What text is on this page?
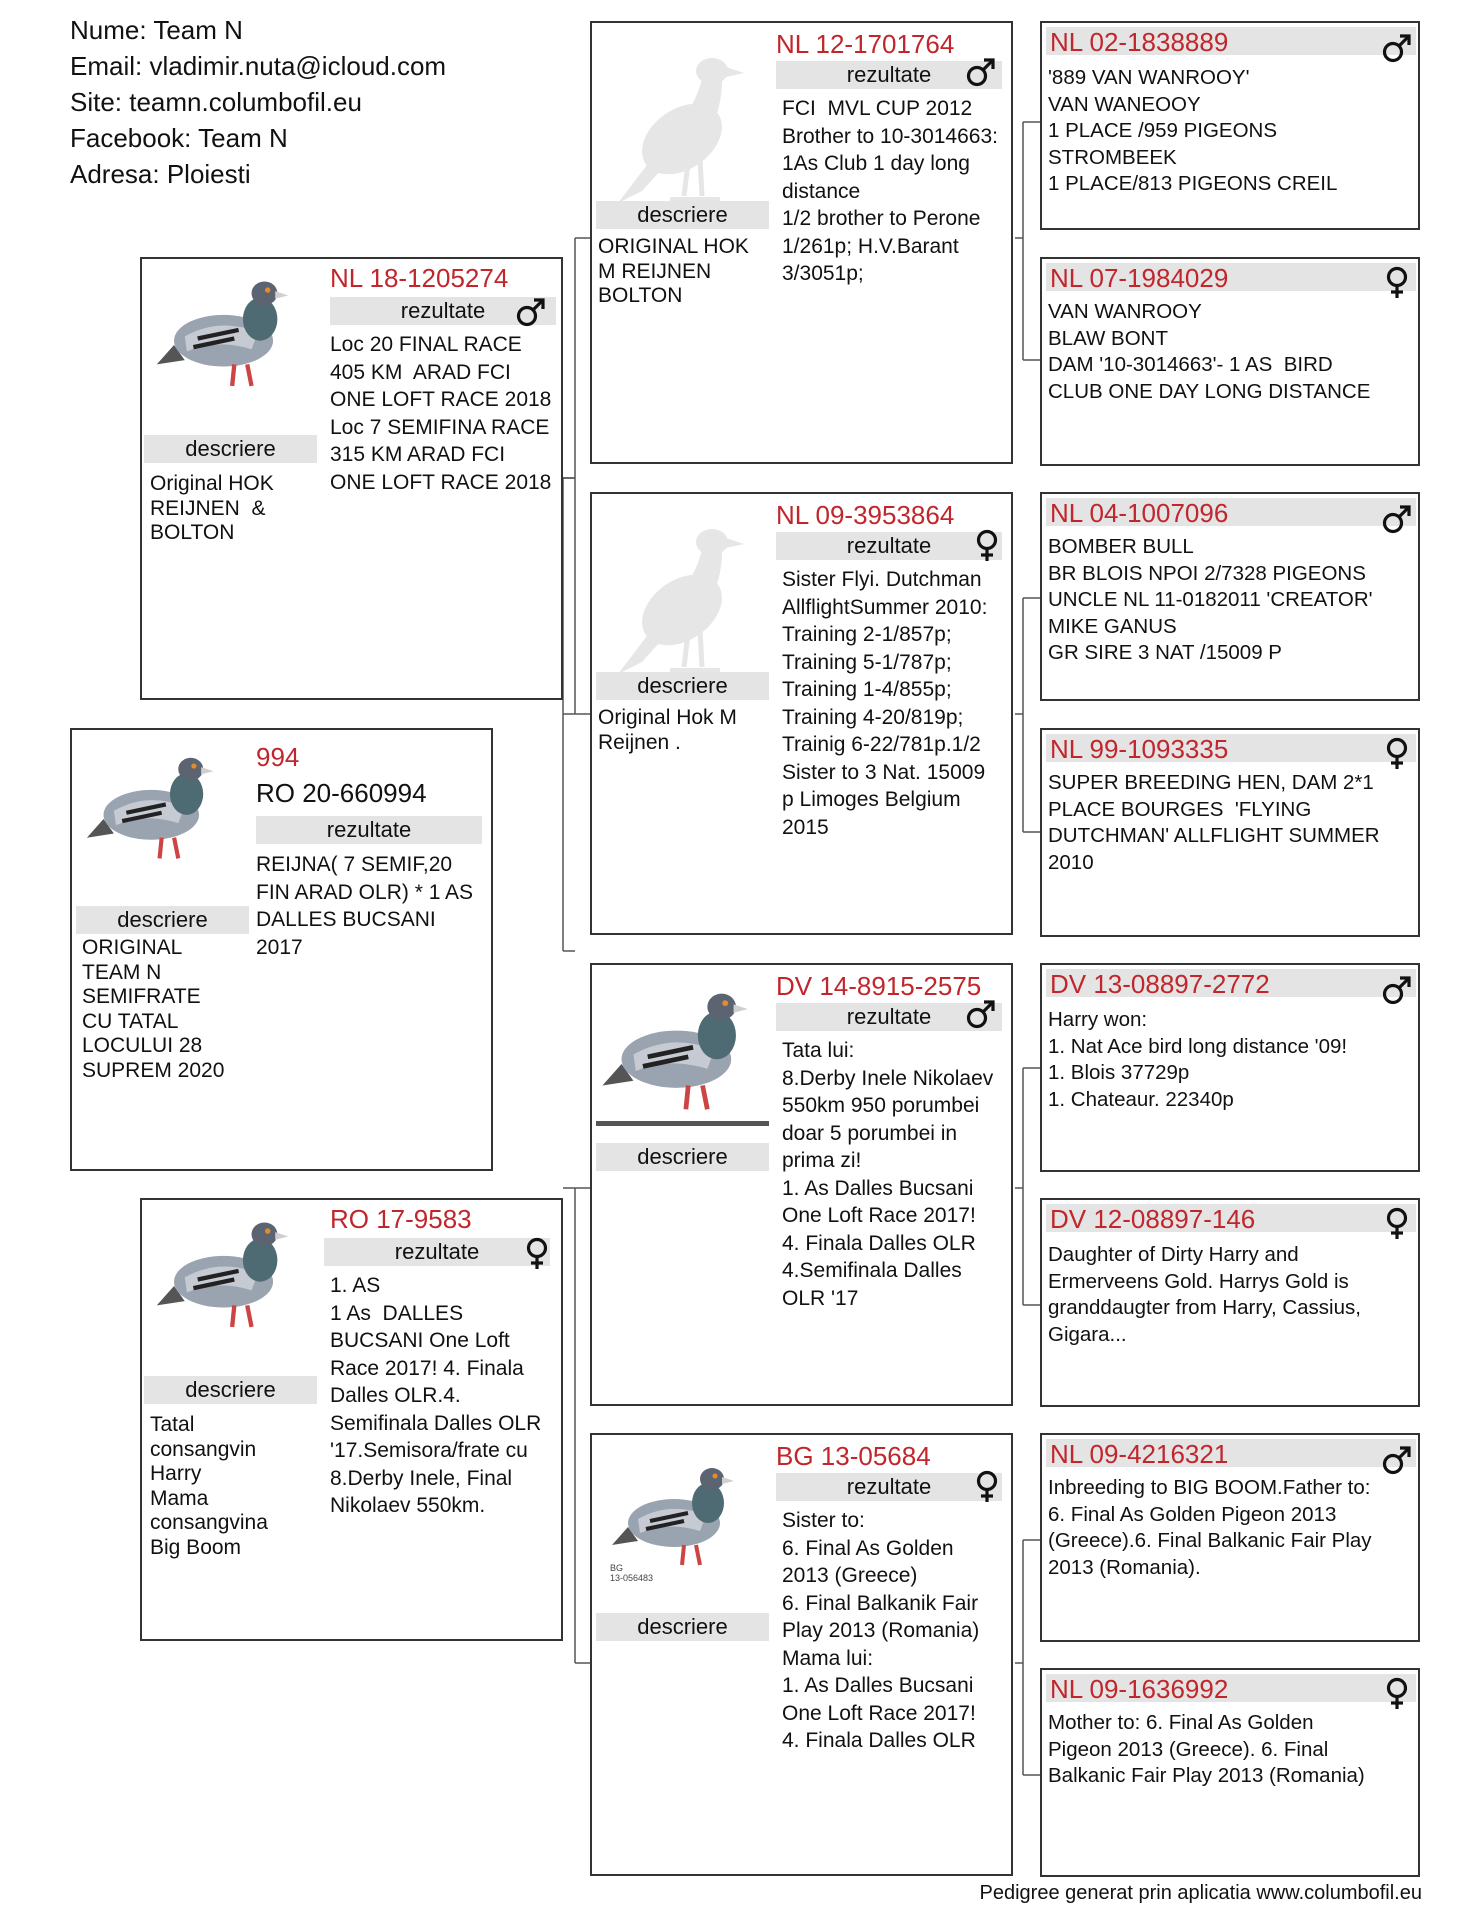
Nume: Team N
Email: vladimir.nuta@icloud.com
Site: teamn.columbofil.eu
Facebook: Team N
Adresa: Ploiesti
994
RO 20-660994
rezultate
REIJNA( 7 SEMIF,20 FIN ARAD OLR) * 1 AS DALLES BUCSANI 2017
descriere
ORIGINAL
TEAM N
SEMIFRATE
CU TATAL
LOCULUI 28
SUPREM 2020
NL 18-1205274
rezultate
Loc 20 FINAL RACE 405 KM  ARAD FCI ONE LOFT RACE 2018
Loc 7 SEMIFINA RACE 315 KM ARAD FCI ONE LOFT RACE 2018
descriere
Original HOK
REIJNEN  &
BOLTON
RO 17-9583
rezultate
1. AS
1 As  DALLES BUCSANI One Loft Race 2017! 4. Finala Dalles OLR.4. Semifinala Dalles OLR
'17.Semisora/frate cu 8.Derby Inele, Final Nikolaev 550km.
descriere
Tatal
consangvin
Harry
Mama
consangvina
Big Boom
NL 12-1701764
rezultate
FCI  MVL CUP 2012
Brother to 10-3014663: 1As Club 1 day long distance
1/2 brother to Perone 1/261p; H.V.Barant 3/3051p;
descriere
ORIGINAL HOK
M REIJNEN
BOLTON
NL 09-3953864
rezultate
Sister Flyi. Dutchman AllflightSummer 2010: Training 2-1/857p; Training 5-1/787p; Training 1-4/855p; Training 4-20/819p; Trainig 6-22/781p.1/2  Sister to 3 Nat. 15009 p Limoges Belgium 2015
descriere
Original Hok M
Reijnen .
DV 14-8915-2575
rezultate
Tata lui:
8.Derby Inele Nikolaev 550km 950 porumbei doar 5 porumbei in prima zi!
1. As Dalles Bucsani One Loft Race 2017!
4. Finala Dalles OLR
4.Semifinala Dalles OLR '17
descriere
BG
13-056483
BG 13-05684
rezultate
Sister to:
6. Final As Golden 2013 (Greece)
6. Final Balkanik Fair Play 2013 (Romania)
Mama lui:
1. As Dalles Bucsani One Loft Race 2017!
4. Finala Dalles OLR
descriere
NL 02-1838889
'889 VAN WANROOY'
VAN WANEOOY
1 PLACE /959 PIGEONS
STROMBEEK
1 PLACE/813 PIGEONS CREIL
NL 07-1984029
VAN WANROOY
BLAW BONT
DAM '10-3014663'- 1 AS  BIRD
CLUB ONE DAY LONG DISTANCE
NL 04-1007096
BOMBER BULL
BR BLOIS NPOI 2/7328 PIGEONS
UNCLE NL 11-0182011 'CREATOR'
MIKE GANUS
GR SIRE 3 NAT /15009 P
NL 99-1093335
SUPER BREEDING HEN, DAM 2*1
PLACE BOURGES  'FLYING
DUTCHMAN' ALLFLIGHT SUMMER
2010
DV 13-08897-2772
Harry won:
1. Nat Ace bird long distance '09!
1. Blois 37729p
1. Chateaur. 22340p
DV 12-08897-146
Daughter of Dirty Harry and
Ermerveens Gold. Harrys Gold is
granddaugter from Harry, Cassius,
Gigara...
NL 09-4216321
Inbreeding to BIG BOOM.Father to:
6. Final As Golden Pigeon 2013
(Greece).6. Final Balkanic Fair Play
2013 (Romania).
NL 09-1636992
Mother to: 6. Final As Golden
Pigeon 2013 (Greece). 6. Final
Balkanic Fair Play 2013 (Romania)
Pedigree generat prin aplicatia www.columbofil.eu
